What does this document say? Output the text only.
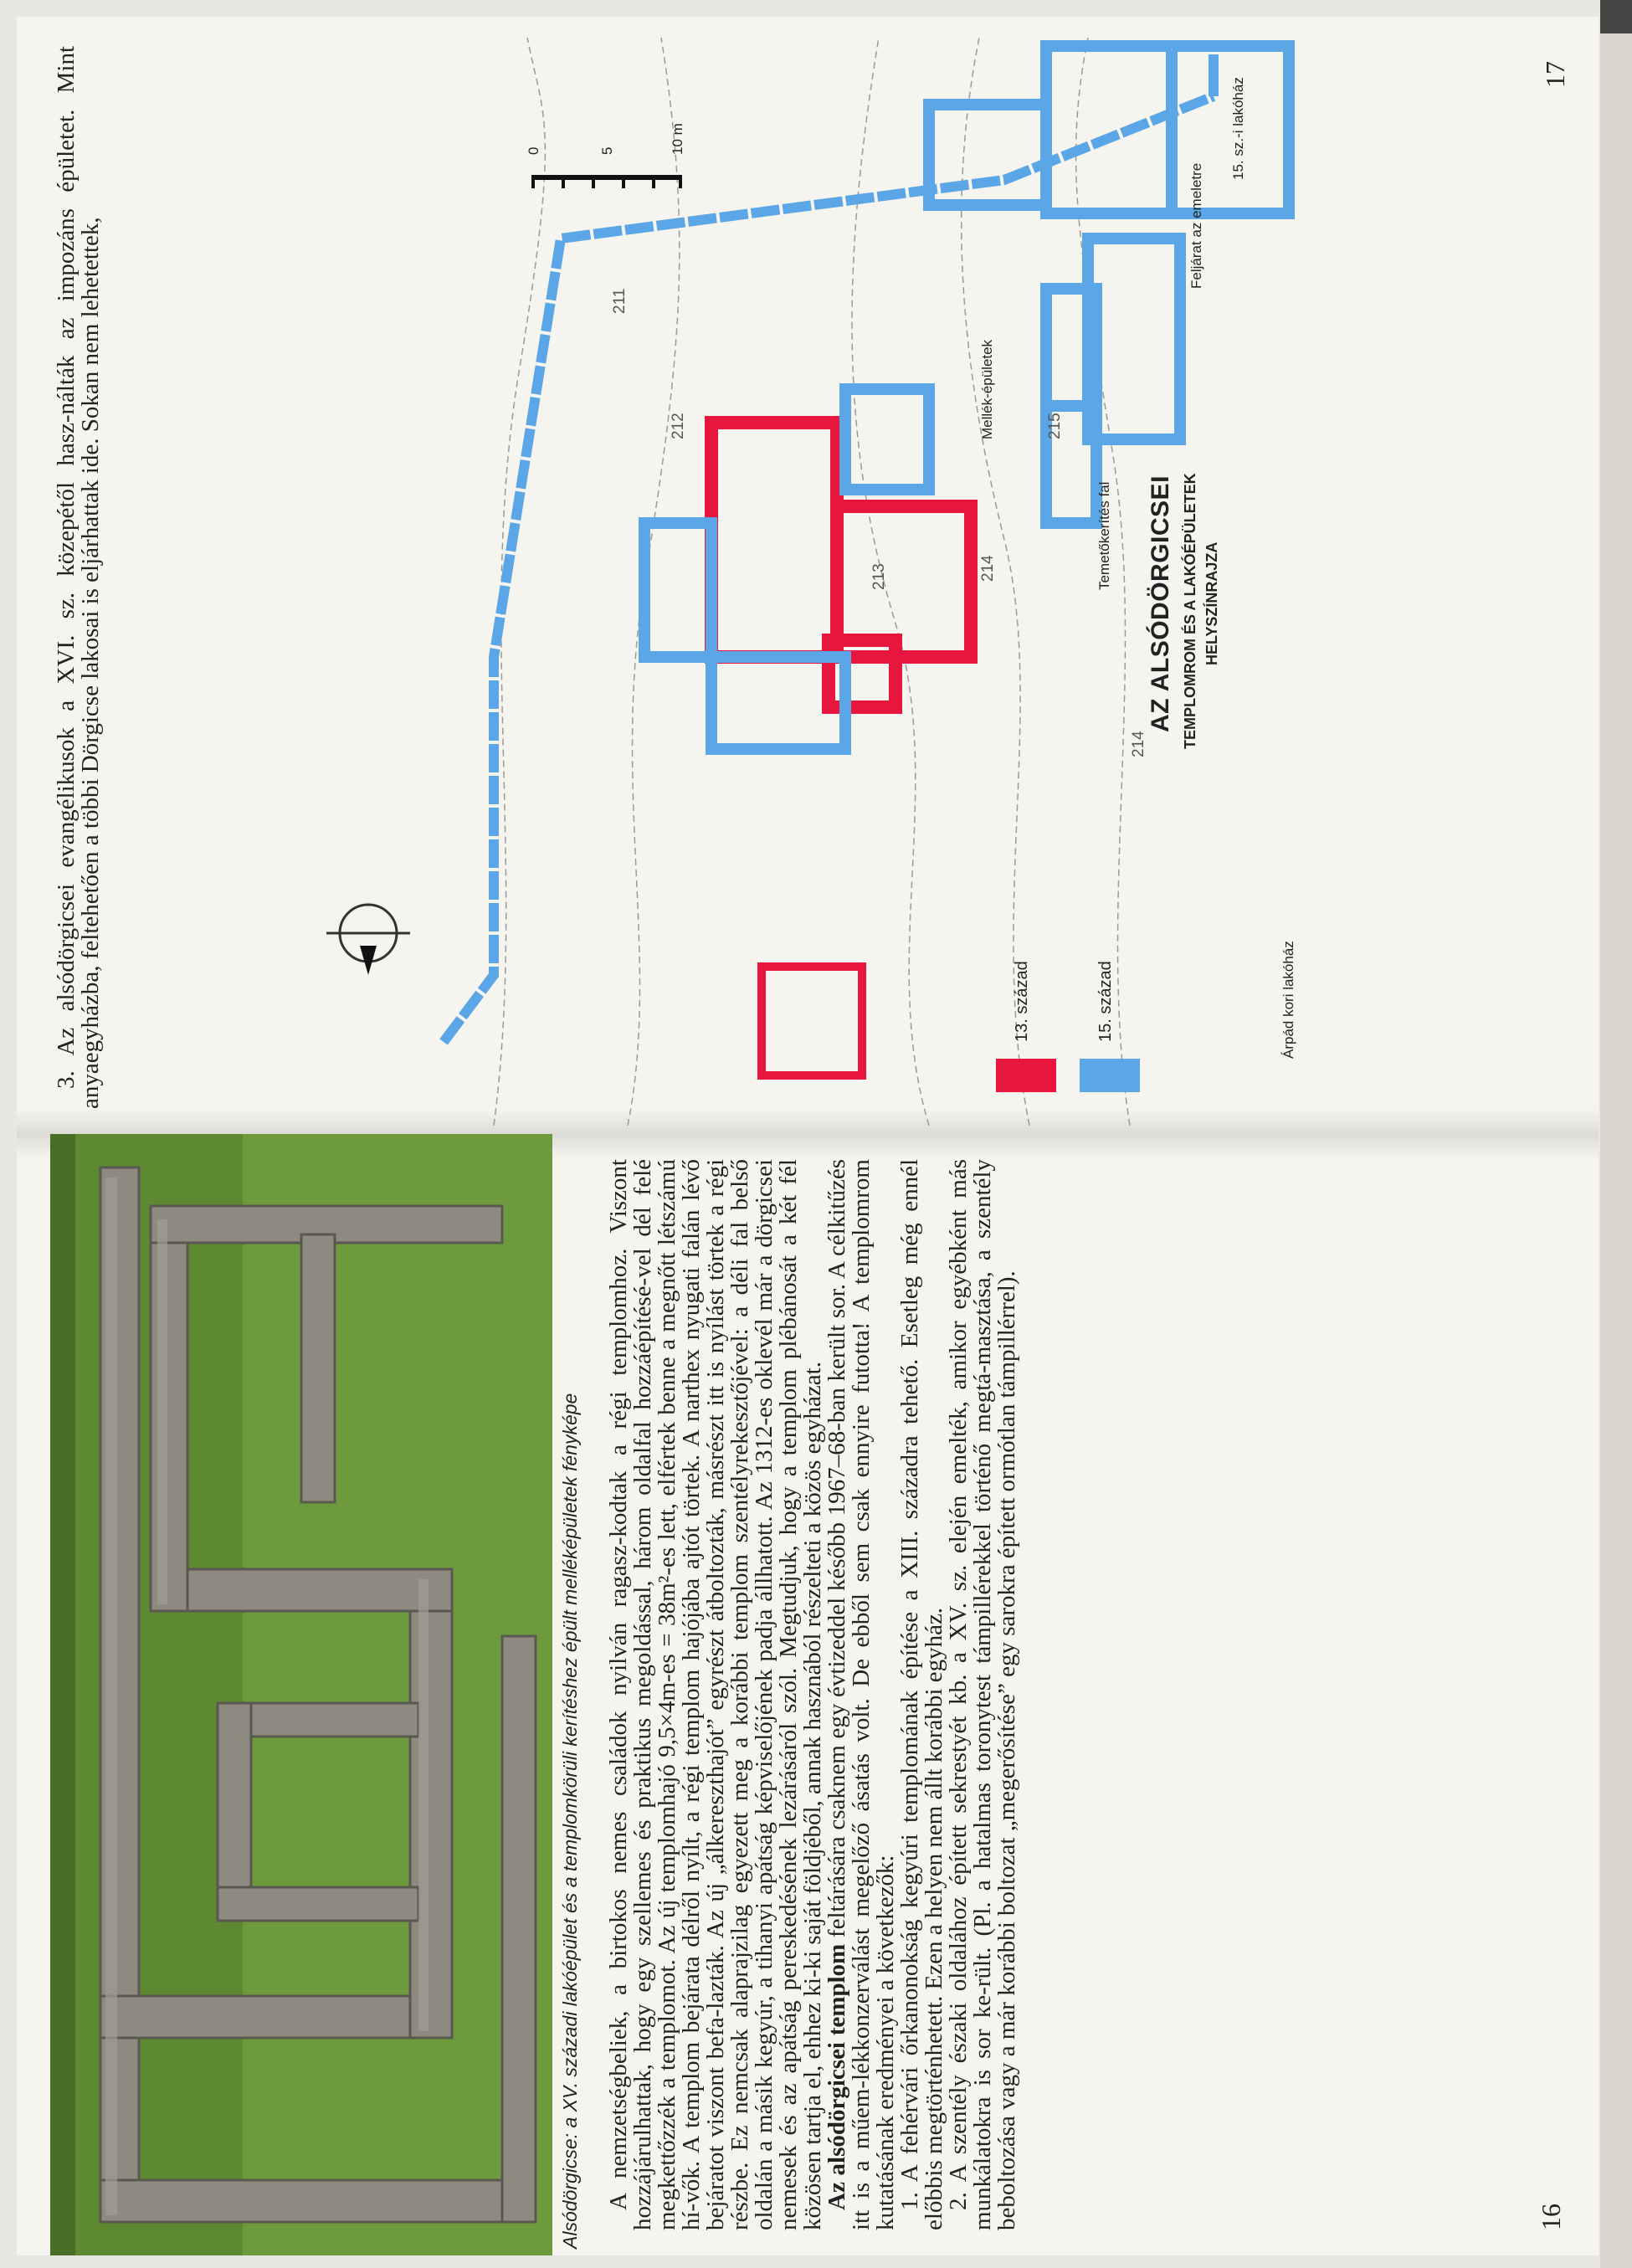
Alsódörgicse: a XV. századi lakóépület és a templomkörüli kerítéshez épült melléképületek fényképe A nemzetségbeliek, a birtokos nemes családok nyilván ragasz-kodtak a régi templomhoz. Viszont hozzájárulhattak, hogy egy szellemes és praktikus megoldással, három oldalfal hozzáépítésé-vel dél felé megkettőzzék a templomot. Az új templomhajó 9,5×4m-es = 38m²-es lett, elfértek benne a megnőtt létszámú hí-vők. A templom bejárata délről nyílt, a régi templom hajójába ajtót törtek. A narthex nyugati falán lévő bejáratot viszont befa-lazták. Az új „álkereszthajót” egyrészt átboltozták, másrészt itt is nyílást törtek a régi részbe. Ez nemcsak alaprajzilag egyezett meg a korábbi templom szentélyrekesztőjével: a déli fal belső oldalán a másik kegyúr, a tihanyi apátság képviselőjének padja állhatott. Az 1312-es oklevél már a dörgicsei nemesek és az apátság pereskedésének lezárásáról szól. Megtudjuk, hogy a templom plébánosát a két fél közösen tartja el, ehhez ki-ki saját földjéből, annak hasznából részelteti a közös egyházat.

Az alsódörgicsei templom feltárására csaknem egy évtizeddel később 1967–68-ban került sor. A célkitűzés itt is a műem-lékkonzerválást megelőző ásatás volt. De ebből sem csak ennyire futotta! A templomrom kutatásának eredményei a következők:

1. A fehérvári őrkanonokság kegyúri templomának építése a XIII. századra tehető. Esetleg még ennél előbbis megtörténhetett. Ezen a helyen nem állt korábbi egyház.

2. A szentély északi oldalához épített sekrestyét kb. a XV. sz. elején emelték, amikor egyébként más munkálatokra is sor ke-rült. (Pl. a hatalmas toronytest támpillérekkel történő megtá-masztása, a szentély beboltozása vagy a már korábbi boltozat „megerősítése” egy sarokra épített ormótlan támpillérrel).	16

3. Az alsódörgicsei evangélikusok a XVI. sz. közepétől hasz-nálták az impozáns épületet. Mint anyaegyházba, feltehetően a többi Dörgicse lakosai is eljárhattak ide. Sokan nem lehetettek,	13. század	15. század	Árpád kori lakóház
Temetőkerítés fal
Mellék-épületek
Feljárat az emeletre
15. sz.-i lakóház
214
214
213
212
211
215
0	5	10 m
AZ ALSÓDÖRGICSEI TEMPLOMROM ÉS A LAKÓÉPÜLETEK HELYSZÍNRAJZA
17
